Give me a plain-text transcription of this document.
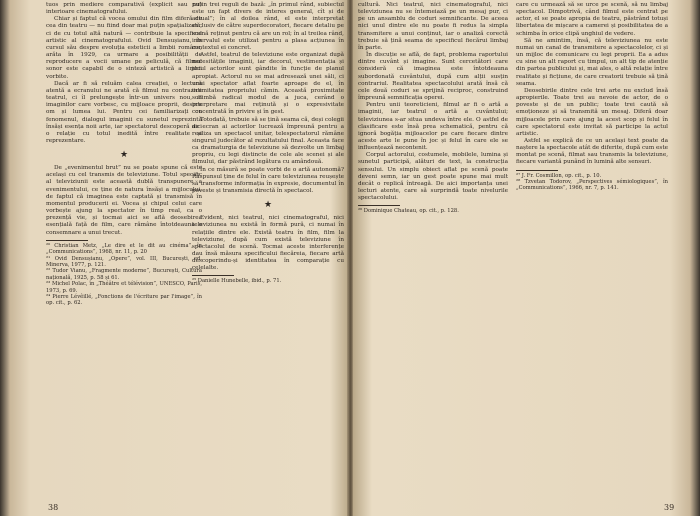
tuos prin mediere comparativă (explicit sau nu) interioare cinematografului.

Chiar și faptul că vocea omului din film diferă de cea din teatru — nu fiind doar mai puțin spațializată, ci de cu totul altă natură — contribuie la specificul artistic al cinematografului. Ovid Densușianu, în cursul său despre evoluția esteticii a limbii române, arăta în 1929, ca urmare a posibilității de reproducere a vocii umane pe peliculă, că filmul sonor este capabil de o sinteză artistică a limbii vorbite.

Dacă ar fi să reluăm calea creației, o lectură atentă a ecranului ne arată că filmul nu contrazice teatrul, ci îl prelungește într-un univers nou, al imaginilor care vorbesc, cu mijloace proprii, despre om și lumea lui. Pentru cei familiarizați cu fenomenul, dialogul imaginii cu sunetul reprezintă însăși esența noii arte, iar spectatorul descoperă aici o relație cu totul inedită între realitate și reprezentare.

★

De „evenimentul brut” nu se poate spune că este același cu cel transmis de televiziune. Totul specific al televiziunii este această dublă transpunere a evenimentului, ce ține de natura însăși a mijlocului, de faptul că imaginea este captată și transmisă în momentul producerii ei. Vocea și chipul celui care vorbește ajung la spectator în timp real, ca o prezență vie, și tocmai aici se află deosebirea esențială față de film, care rămâne întotdeauna o consemnare a unui trecut.

²⁰ Christian Metz, „Le dire et le dit au cinéma”, în „Communications”, 1968, nr. 11, p. 20

²¹ Ovid Densușianu, „Opere”, vol. III, București, ed. Minerva, 1977, p. 121.

²² Tudor Vianu, „Fragmente moderne”, București, Cultura națională, 1925, p. 58 și 61.

²³ Michel Polac, în „Théâtre et télévision”, UNESCO, Paris, 1973, p. 69.

²⁴ Pierre Lévêillé, „Fonctions de l'écriture par l'image”, în op. cit., p. 62.

putin trei reguli de bază: „în primul rând, subiectul este un fapt divers de interes general, cît și de actual”; în al doilea rând, el este interpretat exclusiv de către superdecoratori, fiecare detaliu pe scenă reținut pentru că are un rol; în al treilea rând, intervalul este utilizat pentru a plasa acțiunea în contextul ei concret.

Astfel, teatrul de televiziune este organizat după necesitățile imaginii, iar decorul, vestimentația și jocul actorilor sunt gândite în funcție de planul apropiat. Actorul nu se mai adresează unei săli, ci unui spectator aflat foarte aproape de el, în intimitatea propriului cămin. Această proximitate schimbă radical modul de a juca, cerând o interpretare mai reținută și o expresivitate concentrată în privire și în gest.

Totodată, trebuie să se țină seama că, deși colegii de ecran ai actorilor lucrează împreună pentru a realiza un spectacol unitar, telespectatorul rămâne singurul judecător al rezultatului final. Aceasta face ca dramaturgia de televiziune să dezvolte un limbaj propriu, cu legi distincte de cele ale scenei și ale filmului, dar păstrând legătura cu amândouă.

În ce măsură se poate vorbi de o artă autonomă? Răspunsul ține de felul în care televiziunea reușește să transforme informația în expresie, documentul în poveste și transmisia directă în spectacol.

★

Evident, nici teatrul, nici cinematograful, nici televiziunea nu există în formă pură, ci numai în relațiile dintre ele. Există teatru în film, film la televiziune, după cum există televiziune în spectacolul de scenă. Tocmai aceste interferențe dau însă măsura specificului fiecăreia, fiecare artă descoperindu-și identitatea în comparație cu celelalte.

²⁵ Danielle Hunebelle, ibid., p. 71.

38

cultură. Nici teatrul, nici cinematograful, nici televiziunea nu se întemeiază pe un mesaj pur, ci pe un ansamblu de coduri semnificante. De aceea nici unul dintre ele nu poate fi redus la simpla transmitere a unui conținut, iar o analiză corectă trebuie să țină seama de specificul fiecărui limbaj în parte.

În discuție se află, de fapt, problema raportului dintre cuvânt și imagine. Sunt cercetători care consideră că imaginea este întotdeauna subordonată cuvântului, după cum alții susțin contrariul. Realitatea spectacolului arată însă că cele două coduri se sprijină reciproc, construind împreună semnificația operei.

Pentru unii teoreticieni, filmul ar fi o artă a imaginii, iar teatrul o artă a cuvântului; televiziunea s-ar situa undeva între ele. O astfel de clasificare este însă prea schematică, pentru că ignoră bogăția mijloacelor pe care fiecare dintre aceste arte le pune în joc și felul în care ele se influențează necontenit.

Corpul actorului, costumele, mobilele, lumina și sunetul participă, alături de text, la construcția sensului. Un simplu obiect aflat pe scenă poate deveni semn, iar un gest poate spune mai mult decât o replică întreagă. De aici importanța unei lecturi atente, care să surprindă toate nivelurile spectacolului.

²⁶ Dominique Chateau, op. cit., p. 128.

care cu urmează să se urce pe scenă, să nu limbaj spectacol. Dimpotrivă, când filmul este centrat pe actor, el se poate apropia de teatru, păstrând totuși libertatea de mișcare a camerei și posibilitatea de a schimba în orice clipă unghiul de vedere.

Să ne amintim, însă, că televiziunea nu este numai un canal de transmitere a spectacolelor, ci și un mijloc de comunicare cu legi proprii. Ea a adus cu sine un alt raport cu timpul, un alt tip de atenție din partea publicului și, mai ales, o altă relație între realitate și ficțiune, de care creatorii trebuie să țină seama.

Deosebirile dintre cele trei arte nu exclud însă apropierile. Toate trei au nevoie de actor, de o poveste și de un public; toate trei caută să emoționeze și să transmită un mesaj. Diferă doar mijloacele prin care ajung la acest scop și felul în care spectatorul este invitat să participe la actul artistic.

Astfel se explică de ce un același text poate da naștere la spectacole atât de diferite, după cum este montat pe scenă, filmat sau transmis la televiziune, fiecare variantă punând în lumină alte sensuri.

²⁷ J. Fr. Cosmillon, op. cit., p. 10.

²⁸ Tzvetan Todorov, „Perspectives sémiologiques”, în „Communications”, 1966, nr. 7, p. 141.

39
